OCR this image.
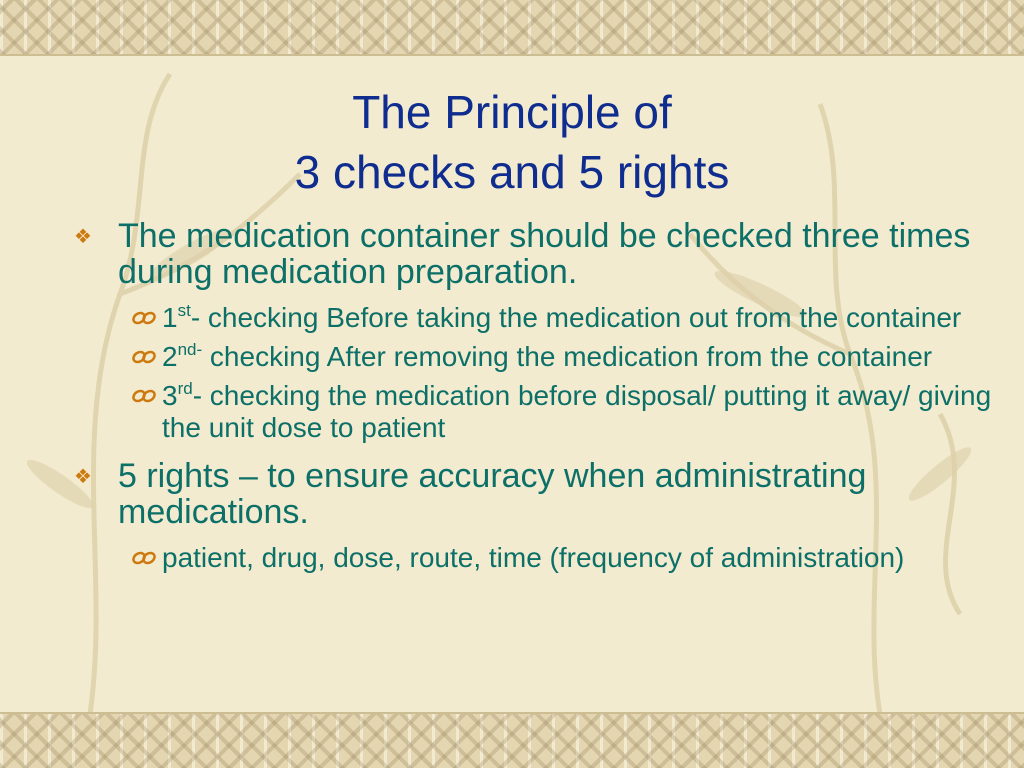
The Principle of
3 checks and 5 rights
❖ The medication container should be checked three times during medication preparation.
1st- checking Before taking the medication out from the container
$2^{nd-}$ checking After removing the medication from the container
3rd- checking the medication before disposal/ putting it away/ giving the unit dose to patient
❖ 5 rights – to ensure accuracy when administrating medications.
patient, drug, dose, route, time (frequency of administration)
